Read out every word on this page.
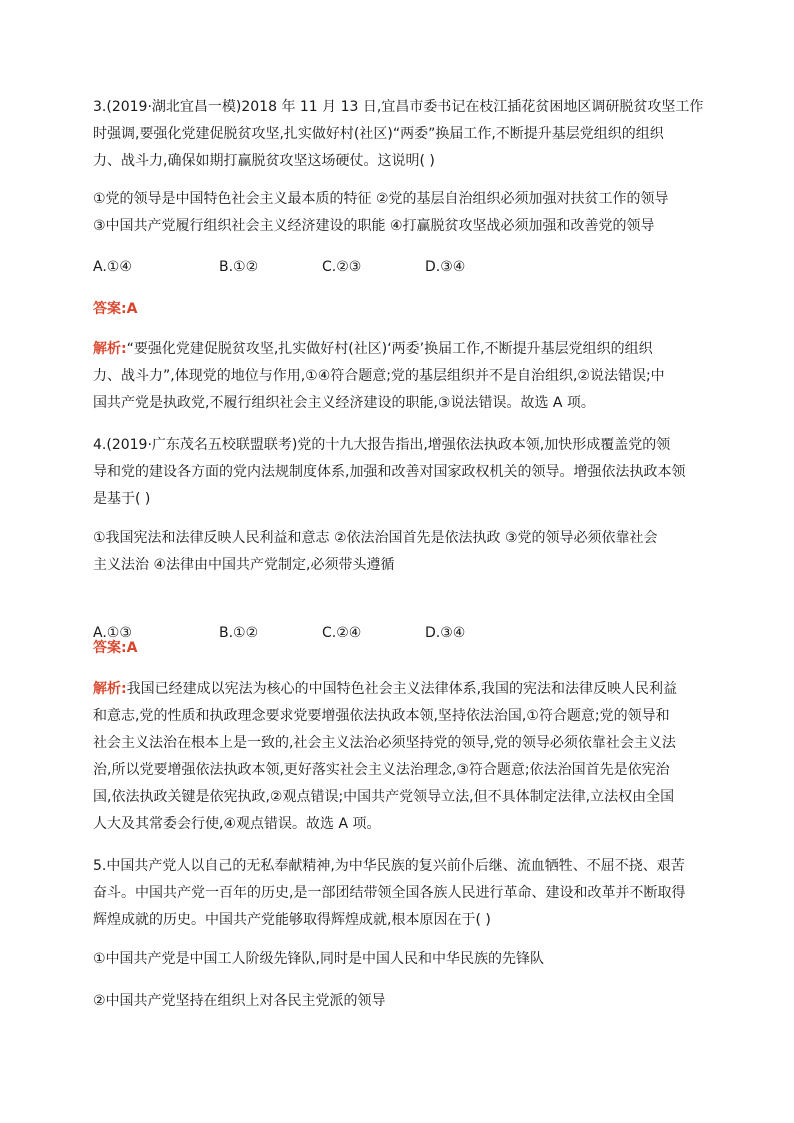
3.(2019·湖北宜昌一模)2018 年 11 月 13 日,宜昌市委书记在枝江插花贫困地区调研脱贫攻坚工作
时强调,要强化党建促脱贫攻坚,扎实做好村(社区)“两委”换届工作,不断提升基层党组织的组织
力、战斗力,确保如期打赢脱贫攻坚这场硬仗。这说明( )
①党的领导是中国特色社会主义最本质的特征 ②党的基层自治组织必须加强对扶贫工作的领导
③中国共产党履行组织社会主义经济建设的职能 ④打赢脱贫攻坚战必须加强和改善党的领导
A.①④	B.①②	C.②③	D.③④
答案:A
解析:“要强化党建促脱贫攻坚,扎实做好村(社区)‘两委’换届工作,不断提升基层党组织的组织
力、战斗力”,体现党的地位与作用,①④符合题意;党的基层组织并不是自治组织,②说法错误;中
国共产党是执政党,不履行组织社会主义经济建设的职能,③说法错误。故选 A 项。
4.(2019·广东茂名五校联盟联考)党的十九大报告指出,增强依法执政本领,加快形成覆盖党的领
导和党的建设各方面的党内法规制度体系,加强和改善对国家政权机关的领导。增强依法执政本领
是基于( )
①我国宪法和法律反映人民利益和意志 ②依法治国首先是依法执政 ③党的领导必须依靠社会
主义法治 ④法律由中国共产党制定,必须带头遵循
A.①③	B.①②	C.②④	D.③④
答案:A
解析:我国已经建成以宪法为核心的中国特色社会主义法律体系,我国的宪法和法律反映人民利益
和意志,党的性质和执政理念要求党要增强依法执政本领,坚持依法治国,①符合题意;党的领导和
社会主义法治在根本上是一致的,社会主义法治必须坚持党的领导,党的领导必须依靠社会主义法
治,所以党要增强依法执政本领,更好落实社会主义法治理念,③符合题意;依法治国首先是依宪治
国,依法执政关键是依宪执政,②观点错误;中国共产党领导立法,但不具体制定法律,立法权由全国
人大及其常委会行使,④观点错误。故选 A 项。
5.中国共产党人以自己的无私奉献精神,为中华民族的复兴前仆后继、流血牺牲、不屈不挠、艰苦
奋斗。中国共产党一百年的历史,是一部团结带领全国各族人民进行革命、建设和改革并不断取得
辉煌成就的历史。中国共产党能够取得辉煌成就,根本原因在于( )
①中国共产党是中国工人阶级先锋队,同时是中国人民和中华民族的先锋队
②中国共产党坚持在组织上对各民主党派的领导
